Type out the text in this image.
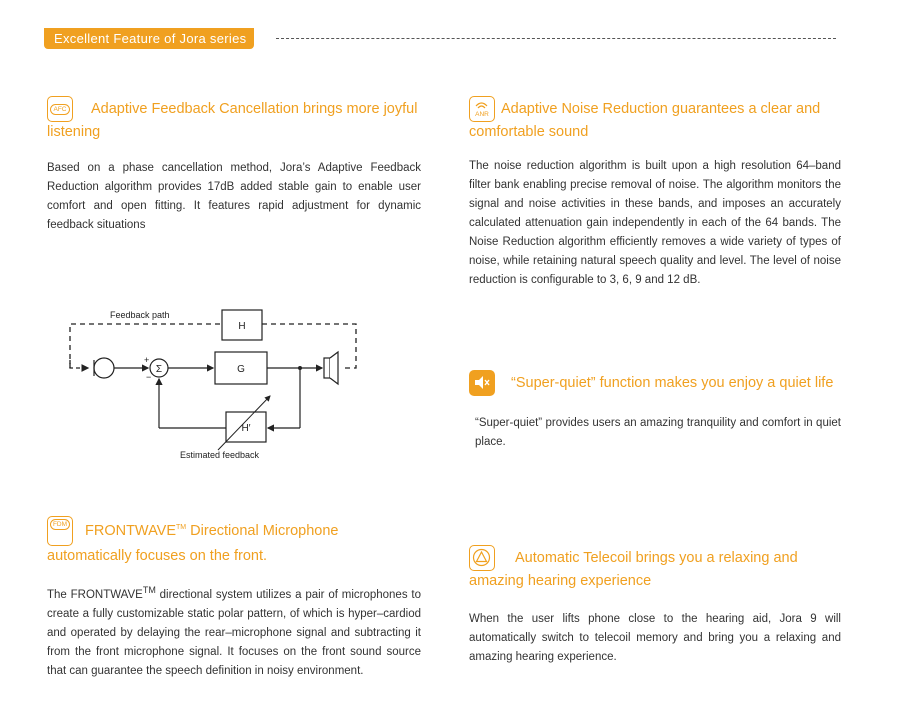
Excellent Feature of Jora series

AFC Adaptive Feedback Cancellation brings more joyful listening

Based on a phase cancellation method, Jora’s Adaptive Feedback Reduction algorithm provides 17dB added stable gain to enable user comfort and open fitting. It features rapid adjustment for dynamic feedback situations

Feedback path
H
Σ
+
−
G
H′
Estimated feedback

FDM FRONTWAVE™ Directional Microphone automatically focuses on the front.

The FRONTWAVE™ directional system utilizes a pair of microphones to create a fully customizable static polar pattern, of which is hyper–cardiod and operated by delaying the rear–microphone signal and subtracting it from the front microphone signal. It focuses on the front sound source that can guarantee the speech definition in noisy environment.

ANR Adaptive Noise Reduction guarantees a clear and comfortable sound

The noise reduction algorithm is built upon a high resolution 64–band filter bank enabling precise removal of noise. The algorithm monitors the signal and noise activities in these bands, and imposes an accurately calculated attenuation gain independently in each of the 64 bands. The Noise Reduction algorithm efficiently removes a wide variety of types of noise, while retaining natural speech quality and level. The level of noise reduction is configurable to 3, 6, 9 and 12 dB.

“Super-quiet” function makes you enjoy a quiet life

“Super-quiet” provides users an amazing tranquility and comfort in quiet place.

Automatic Telecoil brings you a relaxing and amazing hearing experience

When the user lifts phone close to the hearing aid, Jora 9 will automatically switch to telecoil memory and bring you a relaxing and amazing hearing experience.
